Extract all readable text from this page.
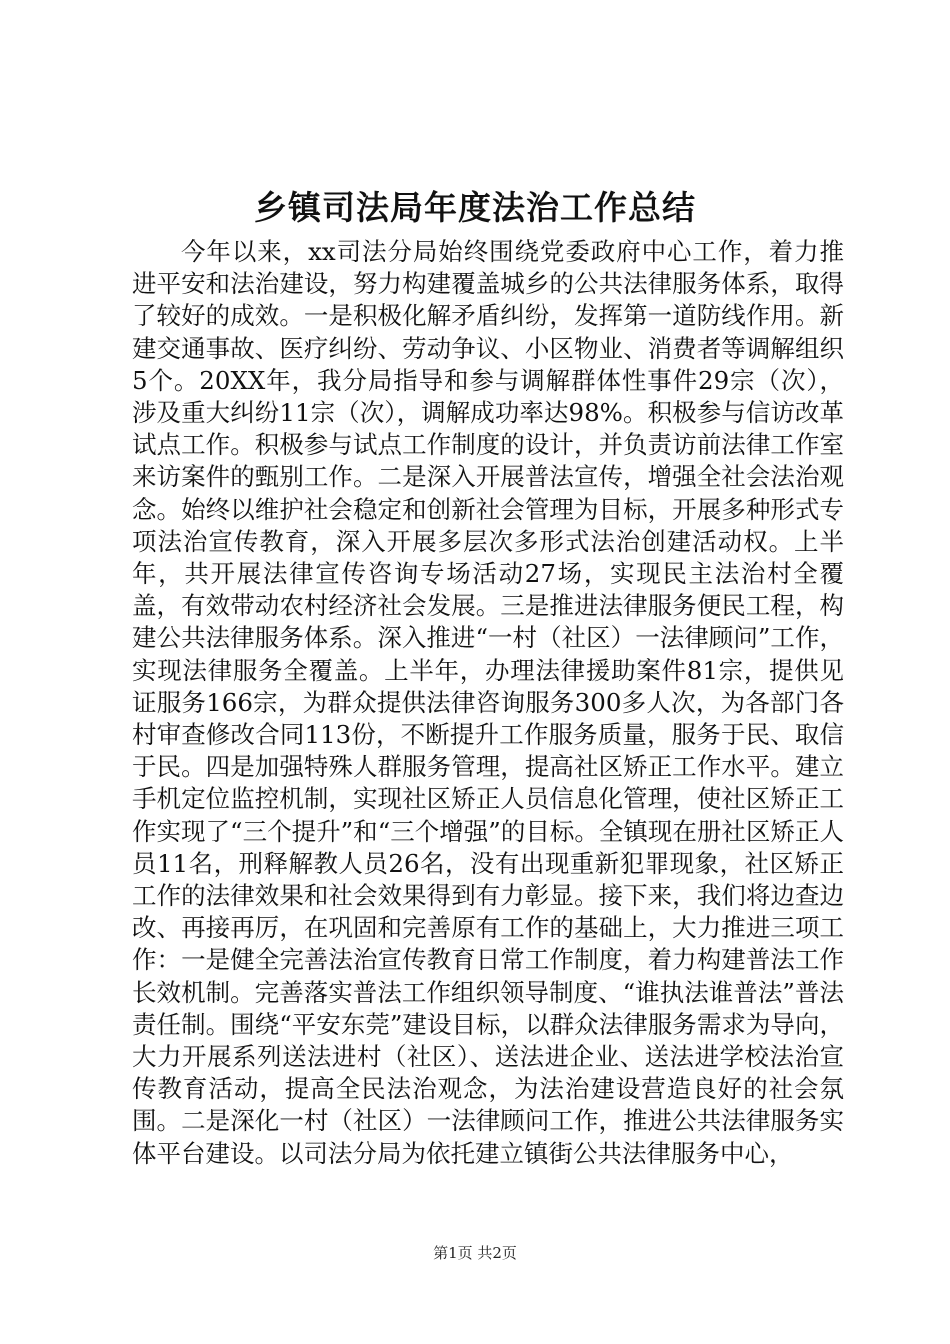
乡镇司法局年度法治工作总结

今年以来，xx司法分局始终围绕党委政府中心工作，着力推进平安和法治建设，努力构建覆盖城乡的公共法律服务体系，取得了较好的成效。一是积极化解矛盾纠纷，发挥第一道防线作用。新建交通事故、医疗纠纷、劳动争议、小区物业、消费者等调解组织5个。20XX年，我分局指导和参与调解群体性事件29宗（次），涉及重大纠纷11宗（次），调解成功率达98%。积极参与信访改革试点工作。积极参与试点工作制度的设计，并负责访前法律工作室来访案件的甄别工作。二是深入开展普法宣传，增强全社会法治观念。始终以维护社会稳定和创新社会管理为目标，开展多种形式专项法治宣传教育，深入开展多层次多形式法治创建活动权。上半年，共开展法律宣传咨询专场活动27场，实现民主法治村全覆盖，有效带动农村经济社会发展。三是推进法律服务便民工程，构建公共法律服务体系。深入推进“一村（社区）一法律顾问”工作，实现法律服务全覆盖。上半年，办理法律援助案件81宗，提供见证服务166宗，为群众提供法律咨询服务300多人次，为各部门各村审查修改合同113份，不断提升工作服务质量，服务于民、取信于民。四是加强特殊人群服务管理，提高社区矫正工作水平。建立手机定位监控机制，实现社区矫正人员信息化管理，使社区矫正工作实现了“三个提升”和“三个增强”的目标。全镇现在册社区矫正人员11名，刑释解教人员26名，没有出现重新犯罪现象，社区矫正工作的法律效果和社会效果得到有力彰显。接下来，我们将边查边改、再接再厉，在巩固和完善原有工作的基础上，大力推进三项工作：一是健全完善法治宣传教育日常工作制度，着力构建普法工作长效机制。完善落实普法工作组织领导制度、“谁执法谁普法”普法责任制。围绕“平安东莞”建设目标，以群众法律服务需求为导向，大力开展系列送法进村（社区）、送法进企业、送法进学校法治宣传教育活动，提高全民法治观念，为法治建设营造良好的社会氛围。二是深化一村（社区）一法律顾问工作，推进公共法律服务实体平台建设。以司法分局为依托建立镇街公共法律服务中心，

第1页 共2页
